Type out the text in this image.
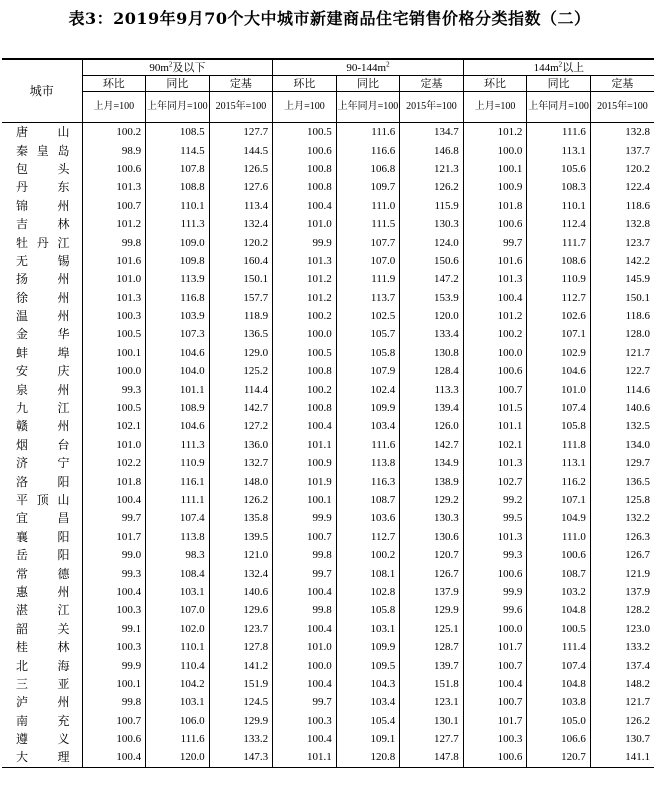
表3：2019年9月70个大中城市新建商品住宅销售价格分类指数（二）
城市	$90m^2$及以下			$90-144m^2$			$144m^2$以上		
	环比	同比	定基	环比	同比	定基	环比	同比	定基
	上月=100	上年同月=100	2015年=100	上月=100	上年同月=100	2015年=100	上月=100	上年同月=100	2015年=100
唐山	100.2	108.5	127.7	100.5	111.6	134.7	101.2	111.6	132.8
秦皇岛	98.9	114.5	144.5	100.6	116.6	146.8	100.0	113.1	137.7
包头	100.6	107.8	126.5	100.8	106.8	121.3	100.1	105.6	120.2
丹东	101.3	108.8	127.6	100.8	109.7	126.2	100.9	108.3	122.4
锦州	100.7	110.1	113.4	100.4	111.0	115.9	101.8	110.1	118.6
吉林	101.2	111.3	132.4	101.0	111.5	130.3	100.6	112.4	132.8
牡丹江	99.8	109.0	120.2	99.9	107.7	124.0	99.7	111.7	123.7
无锡	101.6	109.8	160.4	101.3	107.0	150.6	101.6	108.6	142.2
扬州	101.0	113.9	150.1	101.2	111.9	147.2	101.3	110.9	145.9
徐州	101.3	116.8	157.7	101.2	113.7	153.9	100.4	112.7	150.1
温州	100.3	103.9	118.9	100.2	102.5	120.0	101.2	102.6	118.6
金华	100.5	107.3	136.5	100.0	105.7	133.4	100.2	107.1	128.0
蚌埠	100.1	104.6	129.0	100.5	105.8	130.8	100.0	102.9	121.7
安庆	100.0	104.0	125.2	100.8	107.9	128.4	100.6	104.6	122.7
泉州	99.3	101.1	114.4	100.2	102.4	113.3	100.7	101.0	114.6
九江	100.5	108.9	142.7	100.8	109.9	139.4	101.5	107.4	140.6
赣州	102.1	104.6	127.2	100.4	103.4	126.0	101.1	105.8	132.5
烟台	101.0	111.3	136.0	101.1	111.6	142.7	102.1	111.8	134.0
济宁	102.2	110.9	132.7	100.9	113.8	134.9	101.3	113.1	129.7
洛阳	101.8	116.1	148.0	101.9	116.3	138.9	102.7	116.2	136.5
平顶山	100.4	111.1	126.2	100.1	108.7	129.2	99.2	107.1	125.8
宜昌	99.7	107.4	135.8	99.9	103.6	130.3	99.5	104.9	132.2
襄阳	101.7	113.8	139.5	100.7	112.7	130.6	101.3	111.0	126.3
岳阳	99.0	98.3	121.0	99.8	100.2	120.7	99.3	100.6	126.7
常德	99.3	108.4	132.4	99.7	108.1	126.7	100.6	108.7	121.9
惠州	100.4	103.1	140.6	100.4	102.8	137.9	99.9	103.2	137.9
湛江	100.3	107.0	129.6	99.8	105.8	129.9	99.6	104.8	128.2
韶关	99.1	102.0	123.7	100.4	103.1	125.1	100.0	100.5	123.0
桂林	100.3	110.1	127.8	101.0	109.9	128.7	101.7	111.4	133.2
北海	99.9	110.4	141.2	100.0	109.5	139.7	100.7	107.4	137.4
三亚	100.1	104.2	151.9	100.4	104.3	151.8	100.4	104.8	148.2
泸州	99.8	103.1	124.5	99.7	103.4	123.1	100.7	103.8	121.7
南充	100.7	106.0	129.9	100.3	105.4	130.1	101.7	105.0	126.2
遵义	100.6	111.6	133.2	100.4	109.1	127.7	100.3	106.6	130.7
大理	100.4	120.0	147.3	101.1	120.8	147.8	100.6	120.7	141.1
